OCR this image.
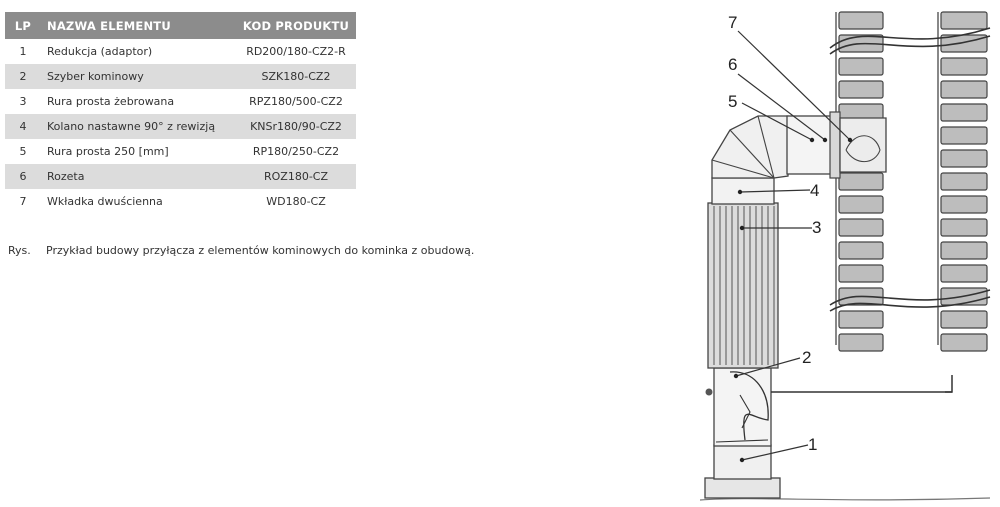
LP	NAZWA ELEMENTU	KOD PRODUKTU
1	Redukcja (adaptor)	RD200/180-CZ2-R
2	Szyber kominowy	SZK180-CZ2
3	Rura prosta żebrowana	RPZ180/500-CZ2
4	Kolano nastawne 90° z rewizją	KNSr180/90-CZ2
5	Rura prosta 250 [mm]	RP180/250-CZ2
6	Rozeta	ROZ180-CZ
7	Wkładka dwuścienna	WD180-CZ
Rys. Przykład budowy przyłącza z elementów kominowych do kominka z obudową.
7
6
5
4
3
2
1
